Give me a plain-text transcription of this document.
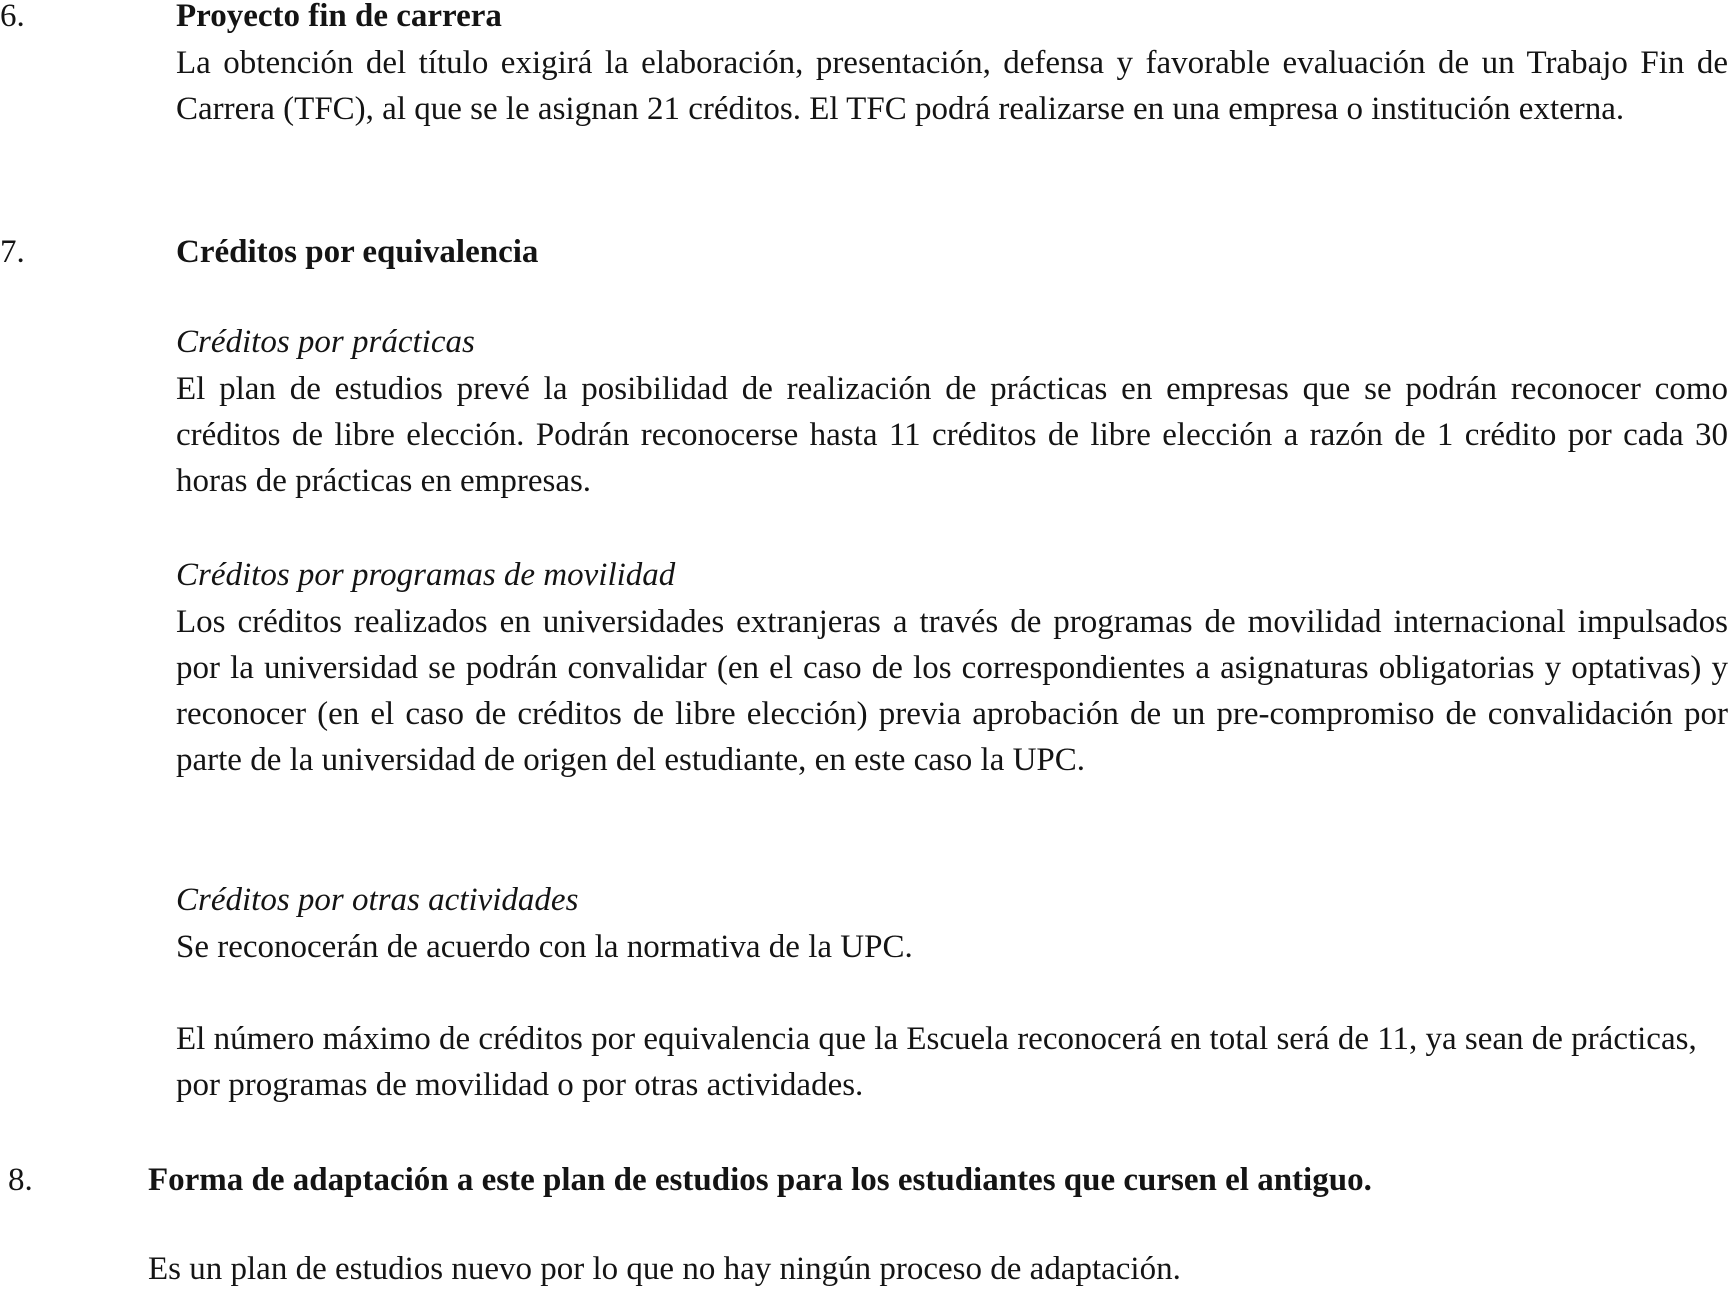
6.	Proyecto fin de carrera

La obtención del título exigirá la elaboración, presentación, defensa y favorable evaluación de un Trabajo Fin de Carrera (TFC), al que se le asignan 21 créditos. El TFC podrá realizarse en una empresa o institución externa.

7.	Créditos por equivalencia
Créditos por prácticas

El plan de estudios prevé la posibilidad de realización de prácticas en empresas que se podrán reconocer como créditos de libre elección. Podrán reconocerse hasta 11 créditos de libre elección a razón de 1 crédito por cada 30 horas de prácticas en empresas.

Créditos por programas de movilidad

Los créditos realizados en universidades extranjeras a través de programas de movilidad internacional impulsados por la universidad se podrán convalidar (en el caso de los correspondientes a asignaturas obligatorias y optativas) y reconocer (en el caso de créditos de libre elección) previa aprobación de un pre-compromiso de convalidación por parte de la universidad de origen del estudiante, en este caso la UPC.

Créditos por otras actividades

Se reconocerán de acuerdo con la normativa de la UPC.

El número máximo de créditos por equivalencia que la Escuela reconocerá en total será de 11, ya sean de prácticas, por programas de movilidad o por otras actividades.

8.	Forma de adaptación a este plan de estudios para los estudiantes que cursen el antiguo.

Es un plan de estudios nuevo por lo que no hay ningún proceso de adaptación.
